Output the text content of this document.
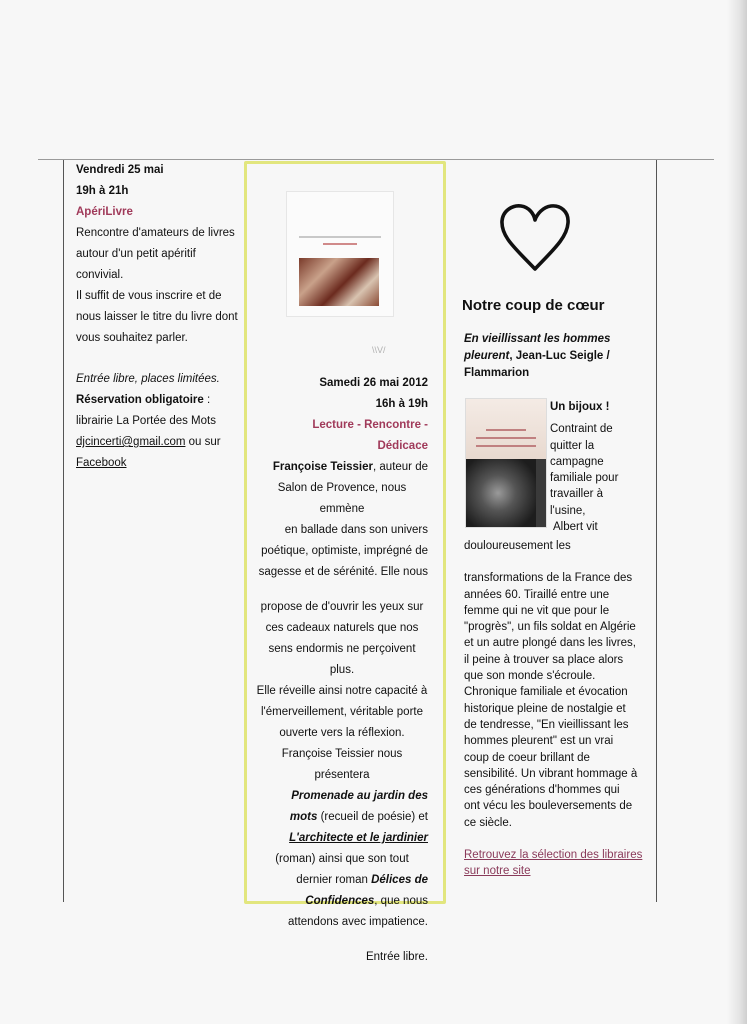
Vendredi 25 mai

19h à 21h

ApériLivre

Rencontre d'amateurs de livres

autour d'un petit apéritif convivial.

Il suffit de vous inscrire et de

nous laisser le titre du livre dont

vous souhaitez parler.

Entrée libre, places limitées.

Réservation obligatoire :

librairie La Portée des Mots

djcincerti@gmail.com ou sur

Facebook

\\V/

Samedi 26 mai 2012

16h à 19h

Lecture - Rencontre -

Dédicace

Françoise Teissier, auteur de

Salon de Provence, nous emmène

en ballade dans son univers

poétique, optimiste, imprégné de

sagesse et de sérénité. Elle nous

propose de d'ouvrir les yeux sur

ces cadeaux naturels que nos

sens endormis ne perçoivent plus.

Elle réveille ainsi notre capacité à

l'émerveillement, véritable porte

ouverte vers la réflexion.

Françoise Teissier nous présentera

Promenade au jardin des

mots (recueil de poésie) et

L'architecte et le jardinier

(roman) ainsi que son tout

dernier roman Délices de

Confidences, que nous

attendons avec impatience.

Entrée libre.

Notre coup de cœur
En vieillissant les hommes pleurent, Jean-Luc Seigle / Flammarion

Un bijoux !

Contraint de

quitter la

campagne

familiale pour

travailler à

l'usine,

Albert vit

douloureusement les

transformations de la France des

années 60. Tiraillé entre une

femme qui ne vit que pour le

"progrès", un fils soldat en Algérie

et un autre plongé dans les livres,

il peine à trouver sa place alors

que son monde s'écroule.

Chronique familiale et évocation

historique pleine de nostalgie et

de tendresse, "En vieillissant les

hommes pleurent" est un vrai

coup de coeur brillant de

sensibilité. Un vibrant hommage à

ces générations d'hommes qui

ont vécu les bouleversements de

ce siècle.

Retrouvez la sélection des libraires

sur notre site
